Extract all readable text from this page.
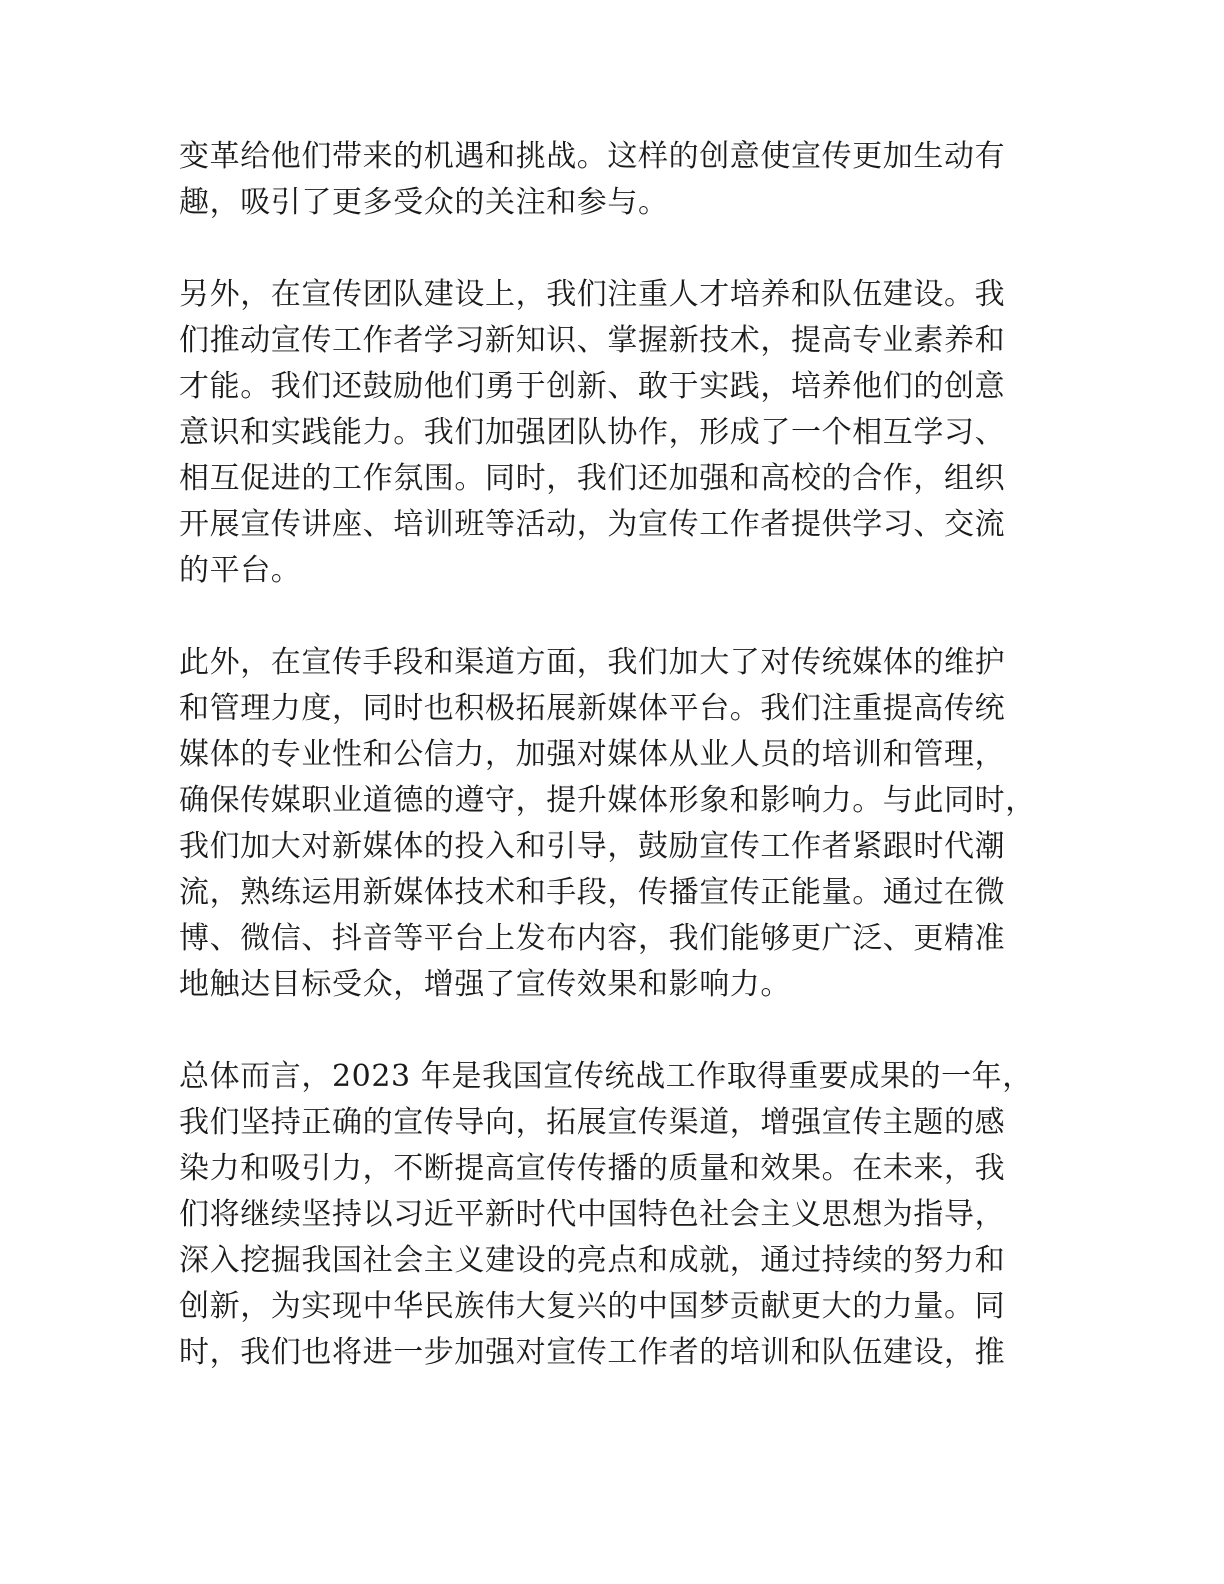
变革给他们带来的机遇和挑战。这样的创意使宣传更加生动有
趣，吸引了更多受众的关注和参与。
另外，在宣传团队建设上，我们注重人才培养和队伍建设。我
们推动宣传工作者学习新知识、掌握新技术，提高专业素养和
才能。我们还鼓励他们勇于创新、敢于实践，培养他们的创意
意识和实践能力。我们加强团队协作，形成了一个相互学习、
相互促进的工作氛围。同时，我们还加强和高校的合作，组织
开展宣传讲座、培训班等活动，为宣传工作者提供学习、交流
的平台。
此外，在宣传手段和渠道方面，我们加大了对传统媒体的维护
和管理力度，同时也积极拓展新媒体平台。我们注重提高传统
媒体的专业性和公信力，加强对媒体从业人员的培训和管理，
确保传媒职业道德的遵守，提升媒体形象和影响力。与此同时，
我们加大对新媒体的投入和引导，鼓励宣传工作者紧跟时代潮
流，熟练运用新媒体技术和手段，传播宣传正能量。通过在微
博、微信、抖音等平台上发布内容，我们能够更广泛、更精准
地触达目标受众，增强了宣传效果和影响力。
总体而言，2023 年是我国宣传统战工作取得重要成果的一年，
我们坚持正确的宣传导向，拓展宣传渠道，增强宣传主题的感
染力和吸引力，不断提高宣传传播的质量和效果。在未来，我
们将继续坚持以习近平新时代中国特色社会主义思想为指导，
深入挖掘我国社会主义建设的亮点和成就，通过持续的努力和
创新，为实现中华民族伟大复兴的中国梦贡献更大的力量。同
时，我们也将进一步加强对宣传工作者的培训和队伍建设，推
